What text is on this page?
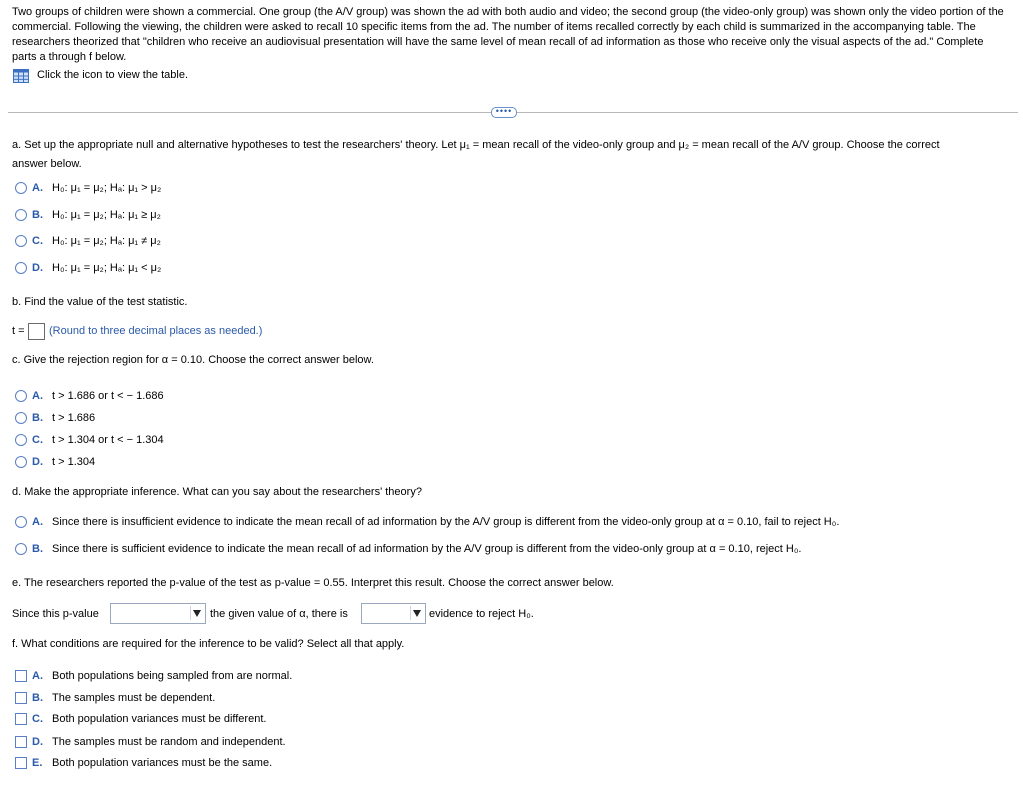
Two groups of children were shown a commercial. One group (the A/V group) was shown the ad with both audio and video; the second group (the video-only group) was shown only the video portion of the commercial. Following the viewing, the children were asked to recall 10 specific items from the ad. The number of items recalled correctly by each child is summarized in the accompanying table. The researchers theorized that "children who receive an audiovisual presentation will have the same level of mean recall of ad information as those who receive only the visual aspects of the ad." Complete parts a through f below.
Click the icon to view the table.
••••
a. Set up the appropriate null and alternative hypotheses to test the researchers' theory. Let μ₁ = mean recall of the video-only group and μ₂ = mean recall of the A/V group. Choose the correct
answer below.
A. H₀: μ₁ = μ₂; Hₐ: μ₁ > μ₂
B. H₀: μ₁ = μ₂; Hₐ: μ₁ ≥ μ₂
C. H₀: μ₁ = μ₂; Hₐ: μ₁ ≠ μ₂
D. H₀: μ₁ = μ₂; Hₐ: μ₁ < μ₂
b. Find the value of the test statistic.
t = (Round to three decimal places as needed.)
c. Give the rejection region for α = 0.10. Choose the correct answer below.
A. t > 1.686 or t < − 1.686
B. t > 1.686
C. t > 1.304 or t < − 1.304
D. t > 1.304
d. Make the appropriate inference. What can you say about the researchers' theory?
A. Since there is insufficient evidence to indicate the mean recall of ad information by the A/V group is different from the video-only group at α = 0.10, fail to reject H₀.
B. Since there is sufficient evidence to indicate the mean recall of ad information by the A/V group is different from the video-only group at α = 0.10, reject H₀.
e. The researchers reported the p-value of the test as p-value = 0.55. Interpret this result. Choose the correct answer below.
Since this p-value	the given value of α, there is	evidence to reject H₀.
f. What conditions are required for the inference to be valid? Select all that apply.
A. Both populations being sampled from are normal.
B. The samples must be dependent.
C. Both population variances must be different.
D. The samples must be random and independent.
E. Both population variances must be the same.
